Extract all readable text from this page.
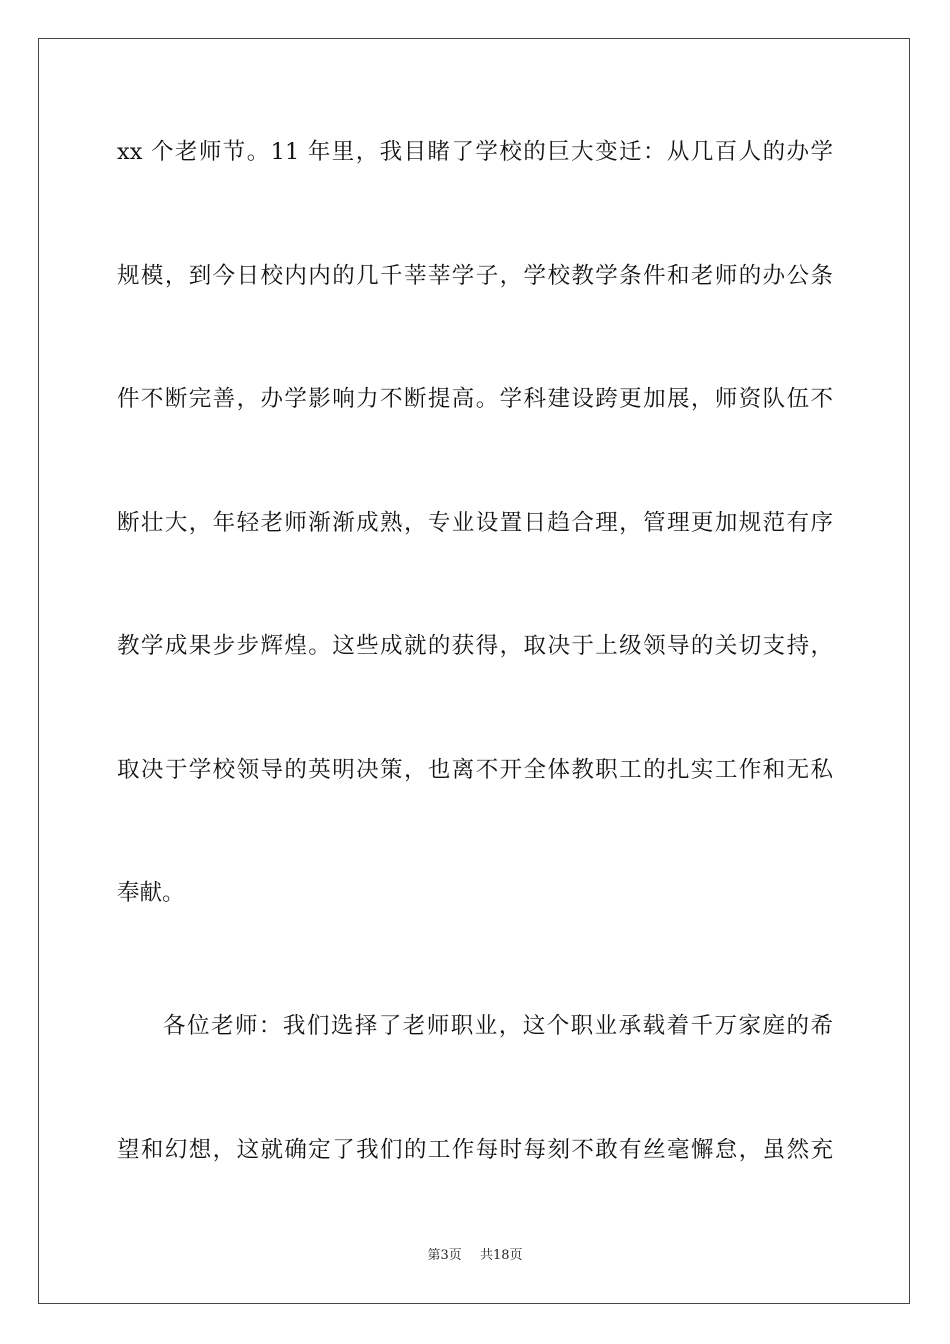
xx 个老师节。11 年里，我目睹了学校的巨大变迁：从几百人的办学
规模，到今日校内内的几千莘莘学子，学校教学条件和老师的办公条
件不断完善，办学影响力不断提高。学科建设跨更加展，师资队伍不
断壮大，年轻老师渐渐成熟，专业设置日趋合理，管理更加规范有序
教学成果步步辉煌。这些成就的获得，取决于上级领导的关切支持，
取决于学校领导的英明决策，也离不开全体教职工的扎实工作和无私
奉献。
各位老师：我们选择了老师职业，这个职业承载着千万家庭的希
望和幻想，这就确定了我们的工作每时每刻不敢有丝毫懈怠，虽然充
第3页 共18页
